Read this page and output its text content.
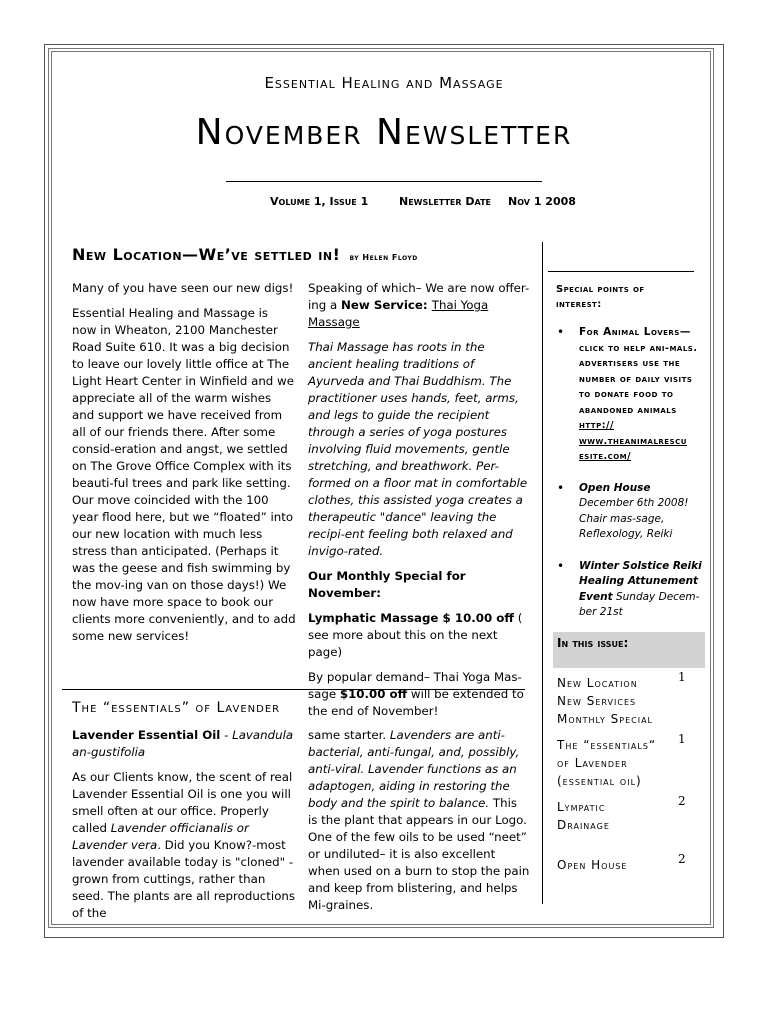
Essential Healing and Massage
November Newsletter
Volume 1, Issue 1	Newsletter Date Nov 1 2008
New Location—We’ve settled in! by Helen Floyd

Many of you have seen our new digs!

Essential Healing and Massage is now in Wheaton, 2100 Manchester Road Suite 610. It was a big decision to leave our lovely little office at The Light Heart Center in Winfield and we appreciate all of the warm wishes and support we have received from all of our friends there. After some consid-eration and angst, we settled on The Grove Office Complex with its beauti-ful trees and park like setting. Our move coincided with the 100 year flood here, but we “floated” into our new location with much less stress than anticipated. (Perhaps it was the geese and fish swimming by the mov-ing van on those days!) We now have more space to book our clients more conveniently, and to add some new services!

Speaking of which– We are now offer-ing a New Service: Thai Yoga Massage

Thai Massage has roots in the ancient healing traditions of Ayurveda and Thai Buddhism. The practitioner uses hands, feet, arms, and legs to guide the recipient through a series of yoga postures involving fluid movements, gentle stretching, and breathwork. Per-formed on a floor mat in comfortable clothes, this assisted yoga creates a therapeutic "dance" leaving the recipi-ent feeling both relaxed and invigo-rated.

Our Monthly Special for November:

Lymphatic Massage $ 10.00 off ( see more about this on the next page)

By popular demand– Thai Yoga Mas-sage $10.00 off will be extended to the end of November!

The “essentials” of Lavender

Lavender Essential Oil - Lavandula an-gustifolia

As our Clients know, the scent of real Lavender Essential Oil is one you will smell often at our office. Properly called Lavender officianalis or Lavender vera. Did you Know?-most lavender available today is "cloned" - grown from cuttings, rather than seed. The plants are all reproductions of the

same starter. Lavenders are anti-bacterial, anti-fungal, and, possibly, anti-viral. Lavender functions as an adaptogen, aiding in restoring the body and the spirit to balance. This is the plant that appears in our Logo. One of the few oils to be used “neet” or undiluted– it is also excellent when used on a burn to stop the pain and keep from blistering, and helps Mi-graines.

Special points of interest:
• For Animal Lovers— click to help ani-mals. advertisers use the number of daily visits to donate food to abandoned animals http:// www.theanimalrescu esite.com/
• Open House December 6th 2008! Chair mas-sage, Reflexology, Reiki
• Winter Solstice Reiki Healing Attunement Event Sunday Decem-ber 21st
In this issue:
New Location
New Services
Monthly Special
1
The “essentials“
of Lavender
(essential oil)
1
Lympatic
Drainage
2
Open House	2
